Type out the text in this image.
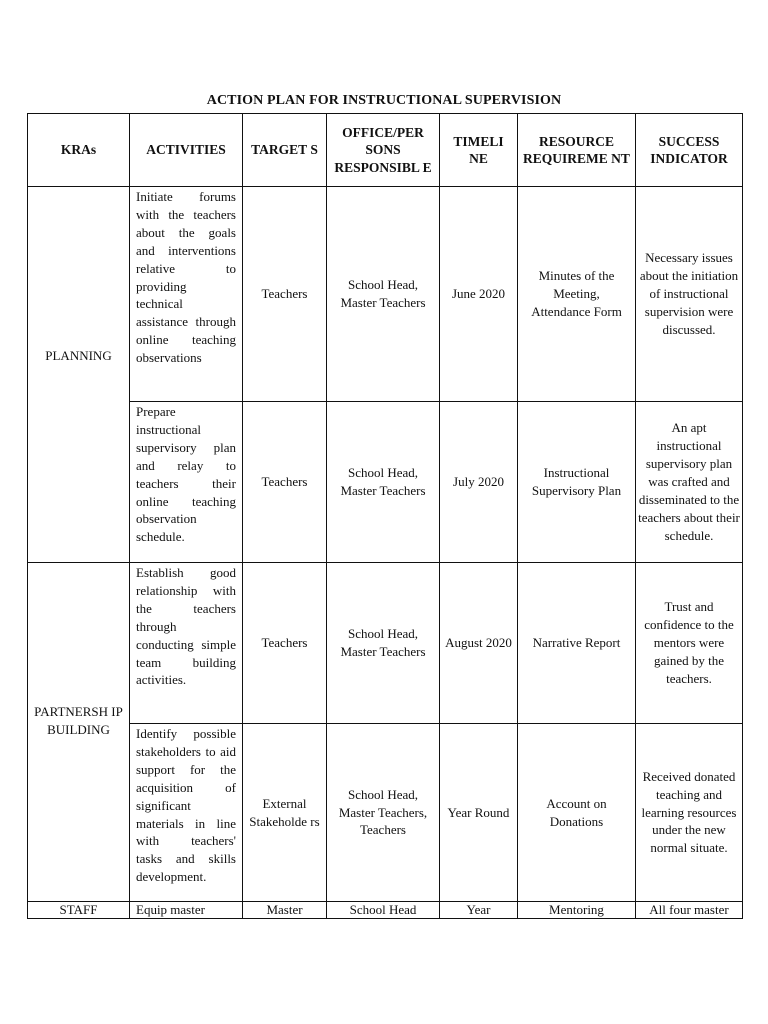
ACTION PLAN FOR INSTRUCTIONAL SUPERVISION
KRAs	ACTIVITIES	TARGET S	OFFICE/PER SONS RESPONSIBL E	TIMELI NE	RESOURCE REQUIREME NT	SUCCESS INDICATOR
PLANNING	Initiate forums with the teachers about the goals and interventions relative to providing technical assistance through online teaching observations	Teachers	School Head, Master Teachers	June 2020	Minutes of the Meeting, Attendance Form	Necessary issues about the initiation of instructional supervision were discussed.
	Prepare instructional supervisory plan and relay to teachers their online teaching observation schedule.	Teachers	School Head, Master Teachers	July 2020	Instructional Supervisory Plan	An apt instructional supervisory plan was crafted and disseminated to the teachers about their schedule.
PARTNERSH IP BUILDING	Establish good relationship with the teachers through conducting simple team building activities.	Teachers	School Head, Master Teachers	August 2020	Narrative Report	Trust and confidence to the mentors were gained by the teachers.
	Identify possible stakeholders to aid support for the acquisition of significant materials in line with teachers' tasks and skills development.	External Stakeholde rs	School Head, Master Teachers, Teachers	Year Round	Account on Donations	Received donated teaching and learning resources under the new normal situate.
STAFF	Equip master	Master	School Head	Year	Mentoring	All four master
